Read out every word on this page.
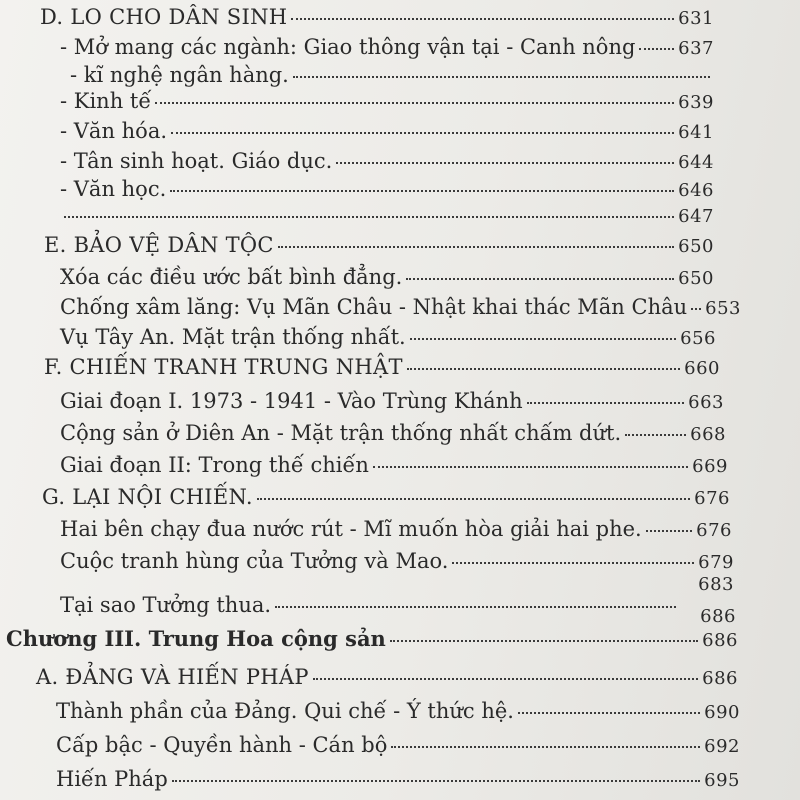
D. LO CHO DÂN SINH	631
- Mở mang các ngành: Giao thông vận tại - Canh nông 637
- kĩ nghệ ngân hàng.
- Kinh tế	639
- Văn hóa.	641
- Tân sinh hoạt. Giáo dục.	644
- Văn học.	646
647
E. BẢO VỆ DÂN TỘC	650
Xóa các điều ước bất bình đẳng.	650
Chống xâm lăng: Vụ Mãn Châu - Nhật khai thác Mãn Châu 653
Vụ Tây An. Mặt trận thống nhất.	656
F. CHIẾN TRANH TRUNG NHẬT	660
Giai đoạn I. 1973 - 1941 - Vào Trùng Khánh	663
Cộng sản ở Diên An - Mặt trận thống nhất chấm dứt.	668
Giai đoạn II: Trong thế chiến	669
G. LẠI NỘI CHIẾN.	676
Hai bên chạy đua nước rút - Mĩ muốn hòa giải hai phe.	676
Cuộc tranh hùng của Tưởng và Mao.	679
683
Tại sao Tưởng thua.	686
Chương III. Trung Hoa cộng sản	686
A. ĐẢNG VÀ HIẾN PHÁP	686
Thành phần của Đảng. Qui chế - Ý thức hệ.	690
Cấp bậc - Quyền hành - Cán bộ	692
Hiến Pháp	695
